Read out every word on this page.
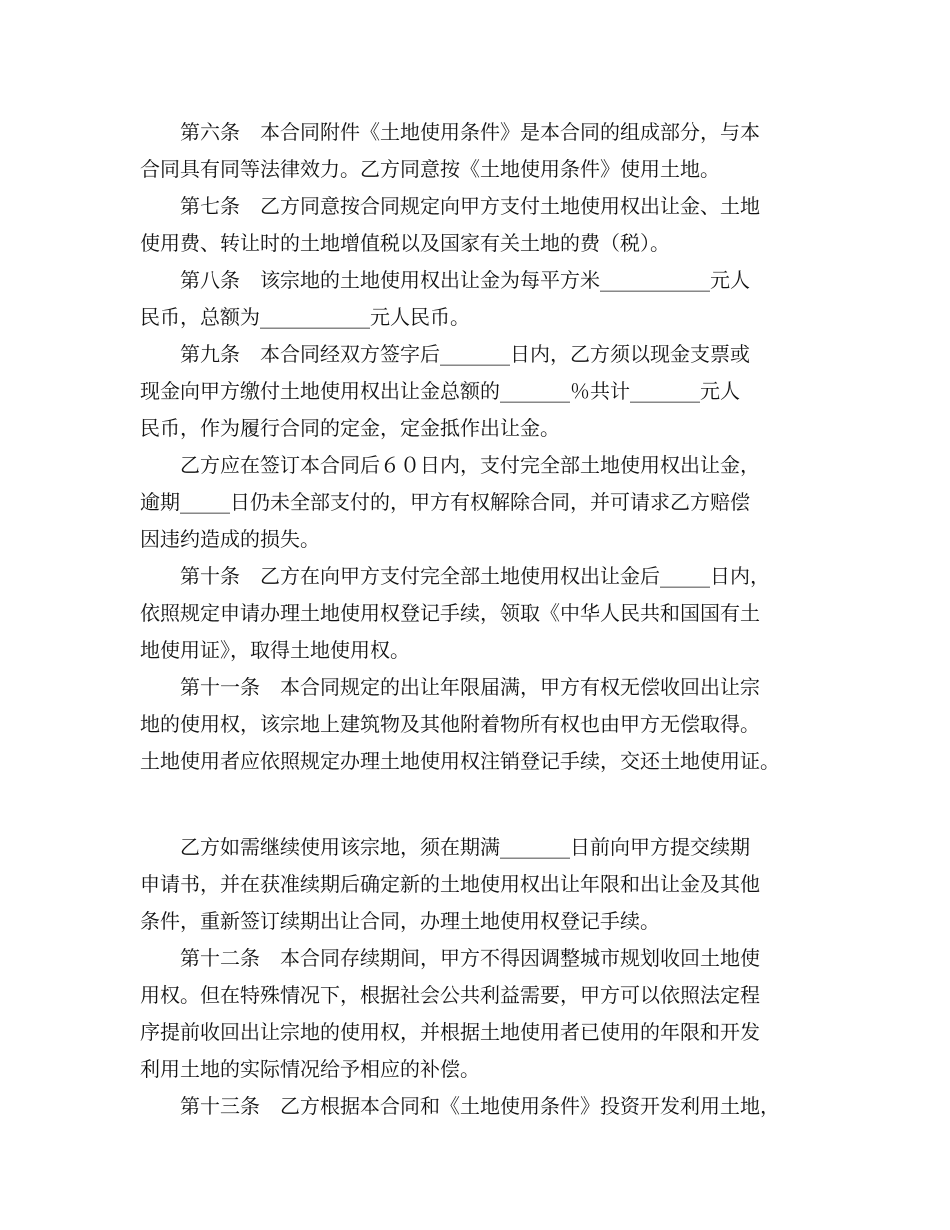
第六条　本合同附件《土地使用条件》是本合同的组成部分，与本
合同具有同等法律效力。乙方同意按《土地使用条件》使用土地。
第七条　乙方同意按合同规定向甲方支付土地使用权出让金、土地
使用费、转让时的土地增值税以及国家有关土地的费（税）。
第八条　该宗地的土地使用权出让金为每平方米___________元人
民币，总额为___________元人民币。
第九条　本合同经双方签字后_______日内，乙方须以现金支票或
现金向甲方缴付土地使用权出让金总额的_______％共计_______元人
民币，作为履行合同的定金，定金抵作出让金。
乙方应在签订本合同后６０日内，支付完全部土地使用权出让金，
逾期_____日仍未全部支付的，甲方有权解除合同，并可请求乙方赔偿
因违约造成的损失。
第十条　乙方在向甲方支付完全部土地使用权出让金后_____日内，
依照规定申请办理土地使用权登记手续，领取《中华人民共和国国有土
地使用证》，取得土地使用权。
第十一条　本合同规定的出让年限届满，甲方有权无偿收回出让宗
地的使用权，该宗地上建筑物及其他附着物所有权也由甲方无偿取得。
土地使用者应依照规定办理土地使用权注销登记手续，交还土地使用证。
乙方如需继续使用该宗地，须在期满_______日前向甲方提交续期
申请书，并在获准续期后确定新的土地使用权出让年限和出让金及其他
条件，重新签订续期出让合同，办理土地使用权登记手续。
第十二条　本合同存续期间，甲方不得因调整城市规划收回土地使
用权。但在特殊情况下，根据社会公共利益需要，甲方可以依照法定程
序提前收回出让宗地的使用权，并根据土地使用者已使用的年限和开发
利用土地的实际情况给予相应的补偿。
第十三条　乙方根据本合同和《土地使用条件》投资开发利用土地，
